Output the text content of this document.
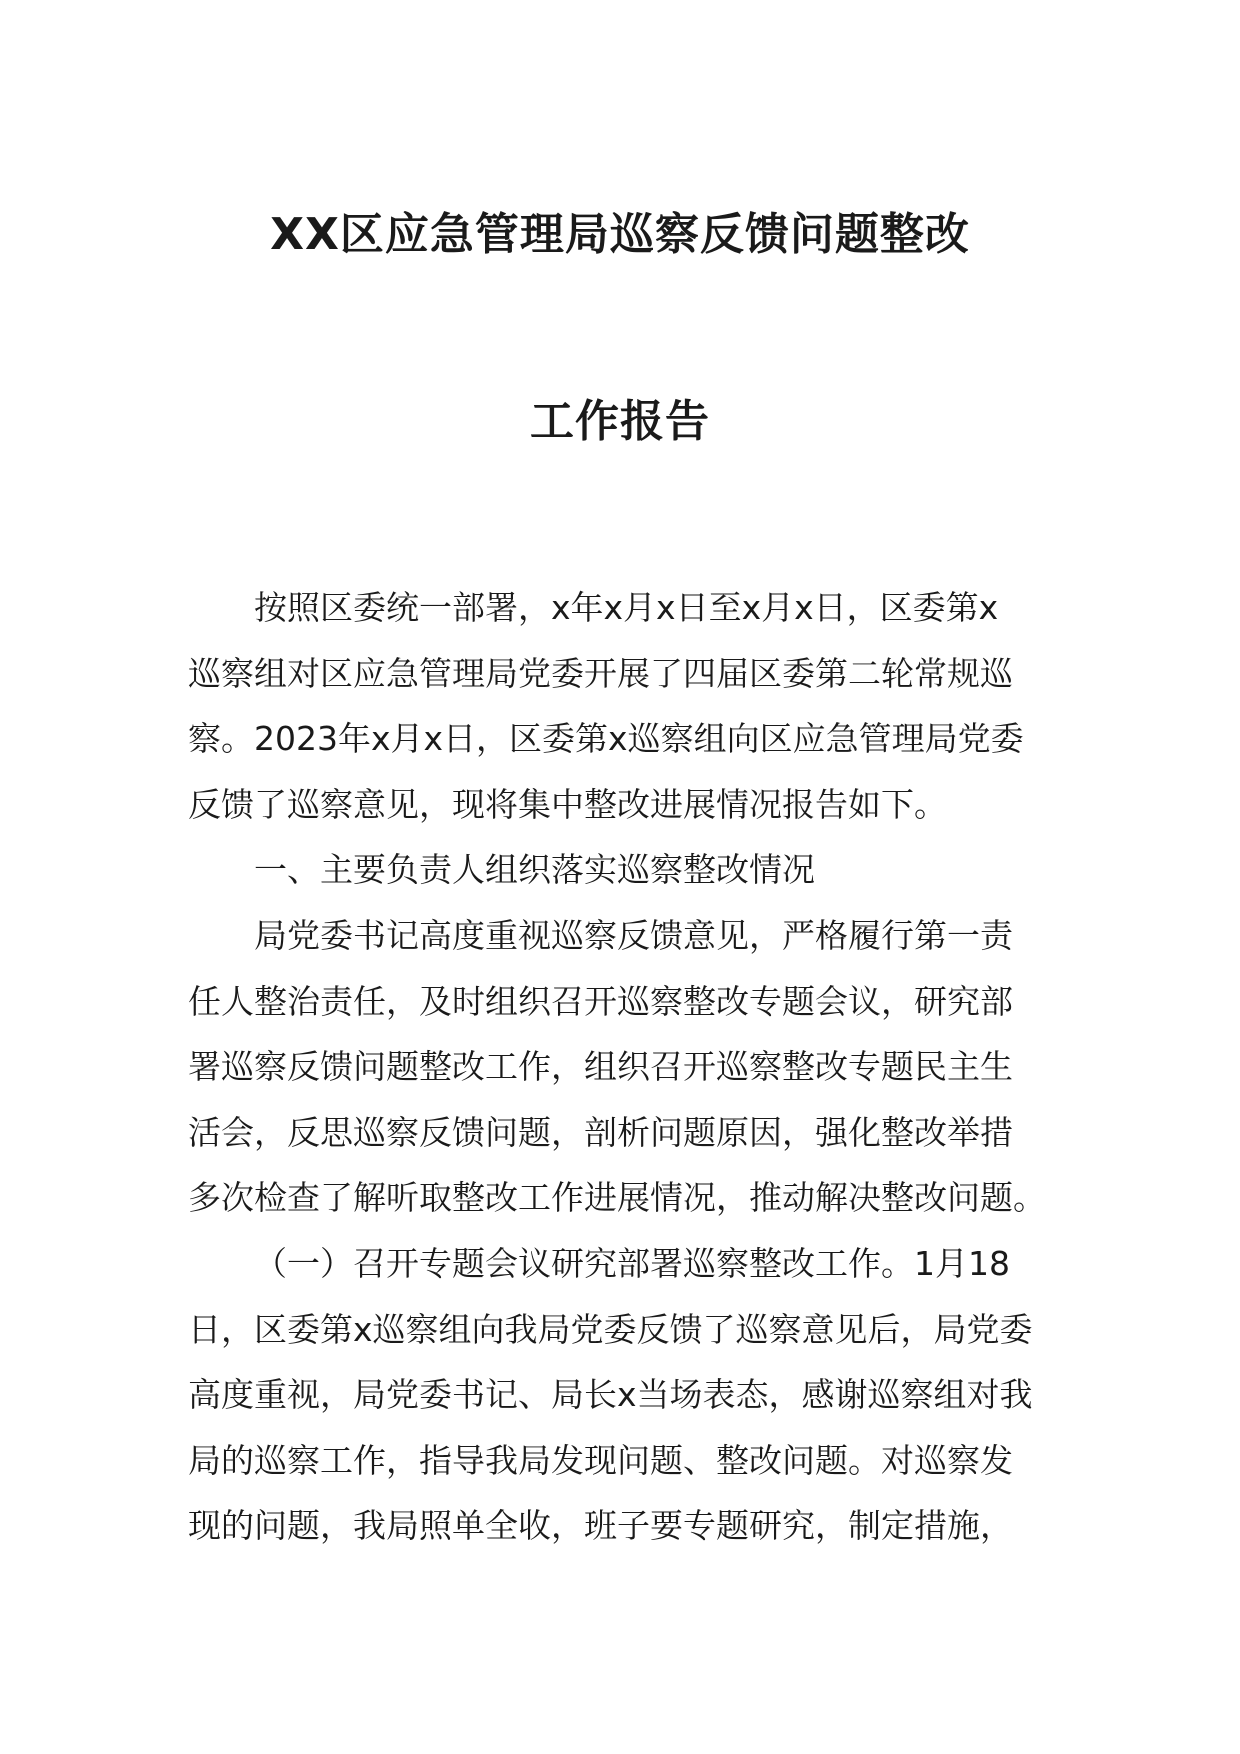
XX区应急管理局巡察反馈问题整改
工作报告
按照区委统一部署，x年x月x日至x月x日，区委第x
巡察组对区应急管理局党委开展了四届区委第二轮常规巡
察。2023年x月x日，区委第x巡察组向区应急管理局党委
反馈了巡察意见，现将集中整改进展情况报告如下。
一、主要负责人组织落实巡察整改情况
局党委书记高度重视巡察反馈意见，严格履行第一责
任人整治责任，及时组织召开巡察整改专题会议，研究部
署巡察反馈问题整改工作，组织召开巡察整改专题民主生
活会，反思巡察反馈问题，剖析问题原因，强化整改举措
多次检查了解听取整改工作进展情况，推动解决整改问题。
（一）召开专题会议研究部署巡察整改工作。1月18
日，区委第x巡察组向我局党委反馈了巡察意见后，局党委
高度重视，局党委书记、局长x当场表态，感谢巡察组对我
局的巡察工作，指导我局发现问题、整改问题。对巡察发
现的问题，我局照单全收，班子要专题研究，制定措施，
